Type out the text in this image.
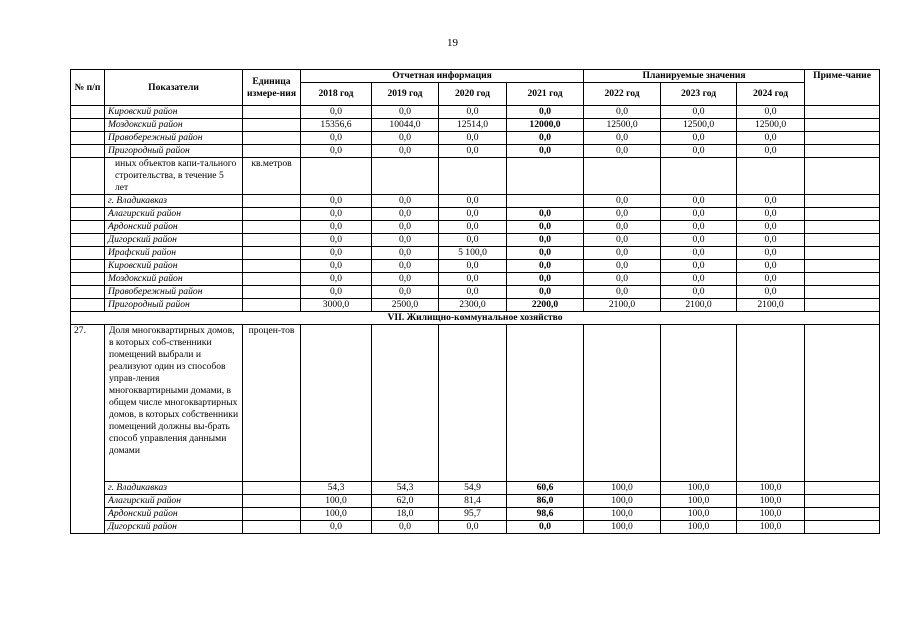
19
№ п/п	Показатели	Единица измере-ния	Отчетная информация				Планируемые значения			Приме-чание
			2018 год	2019 год	2020 год	2021 год	2022 год	2023 год	2024 год	
	Кировский район		0,0	0,0	0,0	0,0	0,0	0,0	0,0	
	Моздокский район		15356,6	10044,0	12514,0	12000,0	12500,0	12500,0	12500,0	
	Правобережный район		0,0	0,0	0,0	0,0	0,0	0,0	0,0	
	Пригородный район		0,0	0,0	0,0	0,0	0,0	0,0	0,0	
	иных объектов капи-тального строительства, в течение 5 лет	кв.метров								
	г. Владикавказ		0,0	0,0	0,0		0,0	0,0	0,0	
	Алагирский район		0,0	0,0	0,0	0,0	0,0	0,0	0,0	
	Ардонский район		0,0	0,0	0,0	0,0	0,0	0,0	0,0	
	Дигорский район		0,0	0,0	0,0	0,0	0,0	0,0	0,0	
	Ирафский район		0,0	0,0	5 100,0	0,0	0,0	0,0	0,0	
	Кировский район		0,0	0,0	0,0	0,0	0,0	0,0	0,0	
	Моздокский район		0,0	0,0	0,0	0,0	0,0	0,0	0,0	
	Правобережный район		0,0	0,0	0,0	0,0	0,0	0,0	0,0	
	Пригородный район		3000,0	2500,0	2300,0	2200,0	2100,0	2100,0	2100,0	
VII. Жилищно-коммунальное хозяйство										
27.	Доля многоквартирных домов, в которых соб-ственники помещений выбрали и реализуют один из способов управ-ления многоквартирными домами, в общем числе многоквартирных домов, в которых собственники помещений должны вы-брать способ управления данными домами	процен-тов								
	г. Владикавказ		54,3	54,3	54,9	60,6	100,0	100,0	100,0	
	Алагирский район		100,0	62,0	81,4	86,0	100,0	100,0	100,0	
	Ардонский район		100,0	18,0	95,7	98,6	100,0	100,0	100,0	
	Дигорский район		0,0	0,0	0,0	0,0	100,0	100,0	100,0	
